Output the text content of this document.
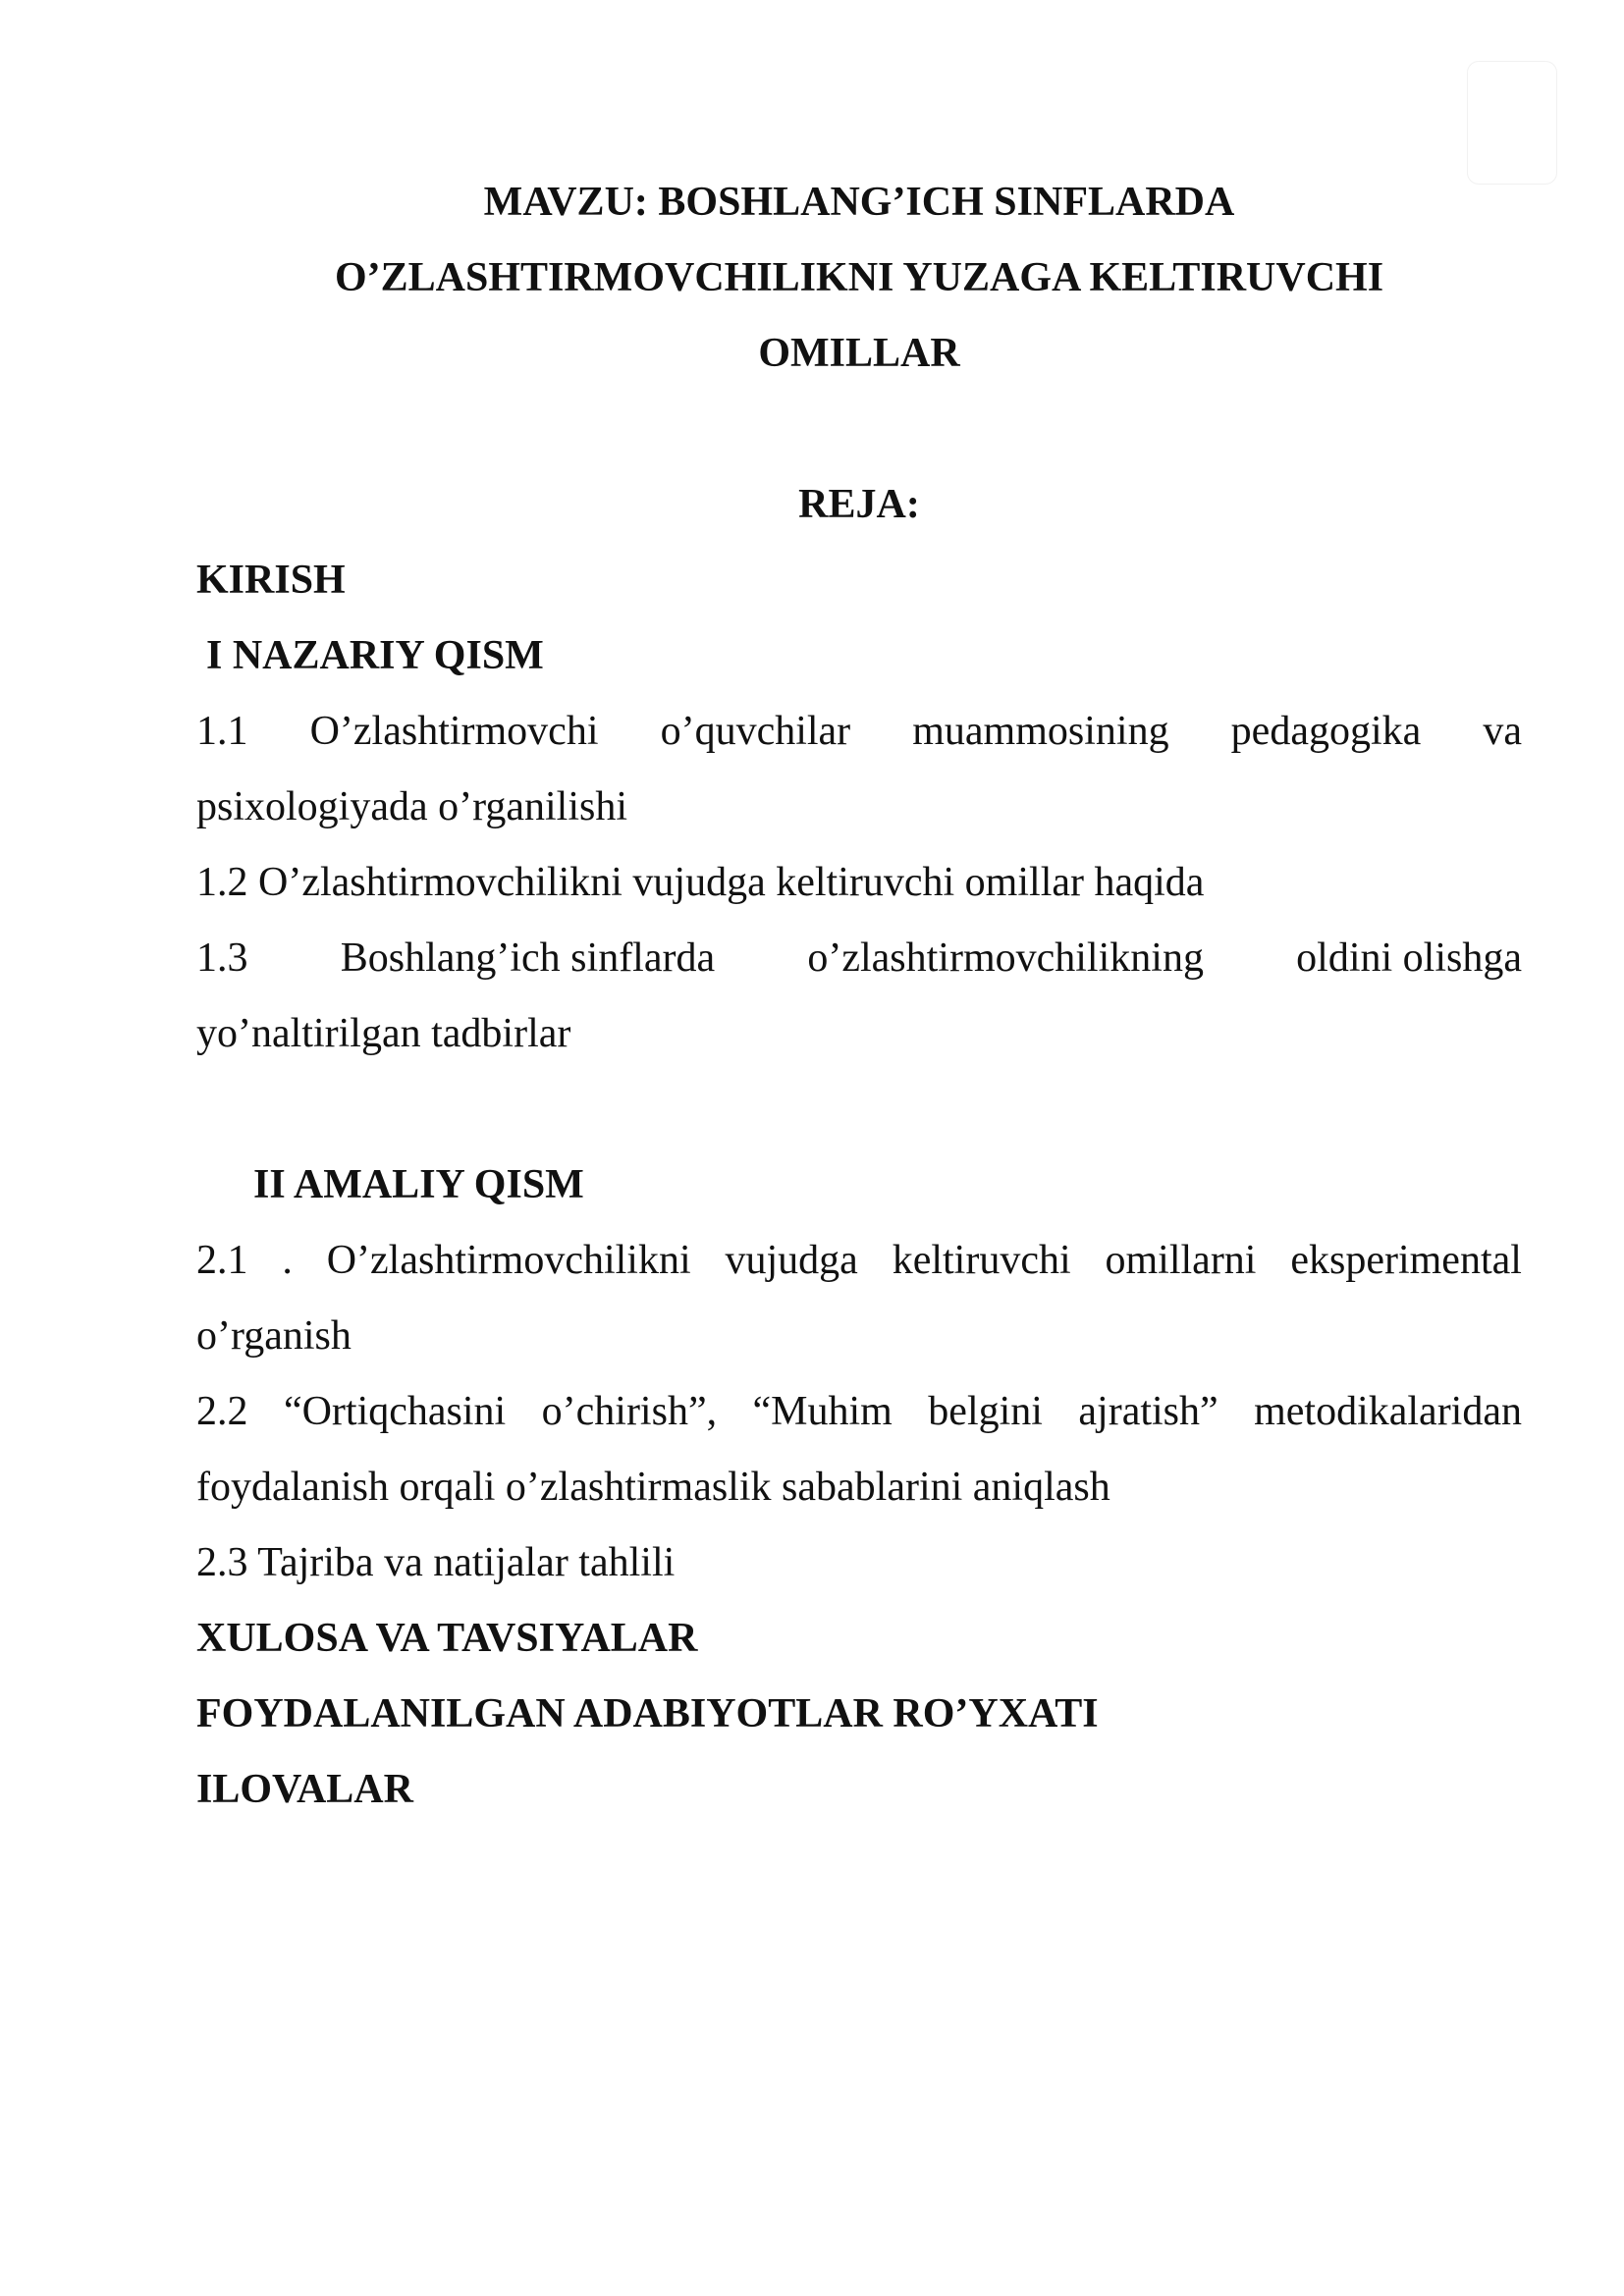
MAVZU: BOSHLANG’ICH SINFLARDA
O’ZLASHTIRMOVCHILIKNI YUZAGA KELTIRUVCHI
OMILLAR
REJA:
KIRISH
I NAZARIY QISM
1.1 O’zlashtirmovchi o’quvchilar muammosining pedagogika va
psixologiyada o’rganilishi
1.2 O’zlashtirmovchilikni vujudga keltiruvchi omillar haqida
1.3 Boshlang’ich sinflarda o’zlashtirmovchilikning oldini olishga
yo’naltirilgan tadbirlar
II AMALIY QISM
2.1 . O’zlashtirmovchilikni vujudga keltiruvchi omillarni eksperimental
o’rganish
2.2 “Ortiqchasini o’chirish”, “Muhim belgini ajratish” metodikalaridan
foydalanish orqali o’zlashtirmaslik sabablarini aniqlash
2.3 Tajriba va natijalar tahlili
XULOSA VA TAVSIYALAR
FOYDALANILGAN ADABIYOTLAR RO’YXATI
ILOVALAR
